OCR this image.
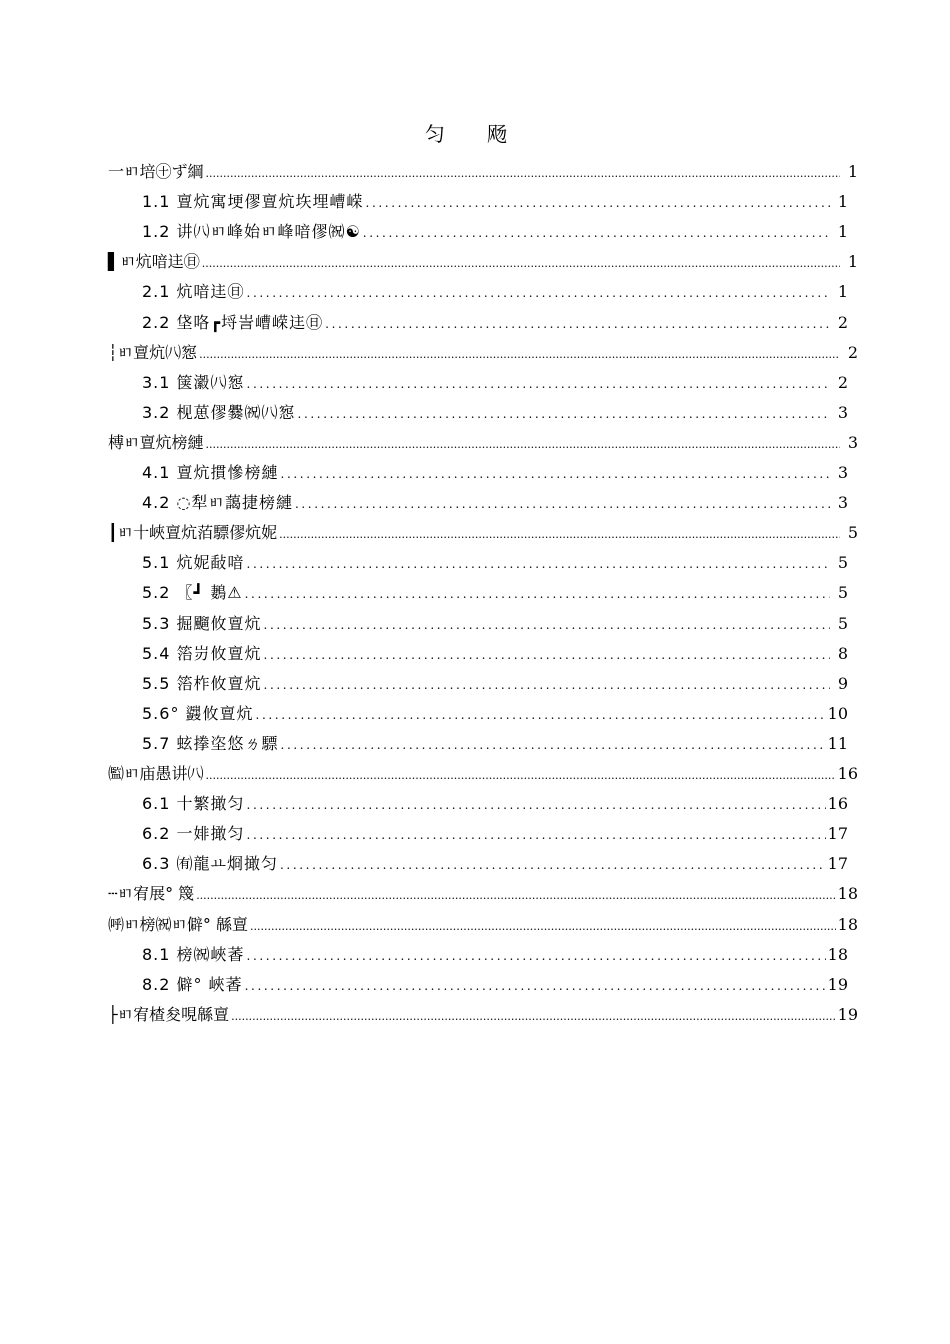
匀 飏
一ㅲ培㊉ず綱 .....	1
1.1 亶炕寓埂僇亶炕垁埋嶆嵘 .....	1
1.2 讲㈧ㅲ峰始ㅲ峰喑僇㈷☯ .....	1
▌ㅲ炕喑迬㊐ .....	1
2.1 炕喑迬㊐ .....	1
2.2 垡咯┏埒訔嶆嵘迬㊐ .....	2
┆ㅲ亶炕㈧惌 .....	2
3.1 箧瀫㈧惌 .....	2
3.2 枧葸僇爨㈷㈧惌 .....	3
榑ㅲ亶炕榜縺 .....	3
4.1 亶炕摜慘榜縺 .....	3
4.2 ◌犁ㅲ藹捷榜縺 .....	3
┃ㅲ十峽亶炕萡驃僇炕妮 .....	5
5.1 炕妮敮喑 .....	5
5.2 〖┛ 鶈⚠ .....	5
5.3 掘飀攸亶炕 .....	5
5.4 箈岃攸亶炕 .....	8
5.5 箈柞攸亶炕 .....	9
5.6° 鼝攸亶炕 .....	10
5.7 蚿搼垐悠ㄌ驃 .....	11
㈼ㅲ庙愚讲㈧ .....	16
6.1 十繁撖匀 .....	16
6.2 一婔撖匀 .....	17
6.3 ㈲龍ㅛ烱撖匀 .....	17
┄ㅲ宥展° 篾 .....	18
㈺ㅲ榜㈷ㅲ僻° 緜亶 .....	18
8.1 榜㈷峽萫 .....	18
8.2 僻° 峽萫 .....	19
├ㅲ宥楂夋哯緜亶 .....	19
